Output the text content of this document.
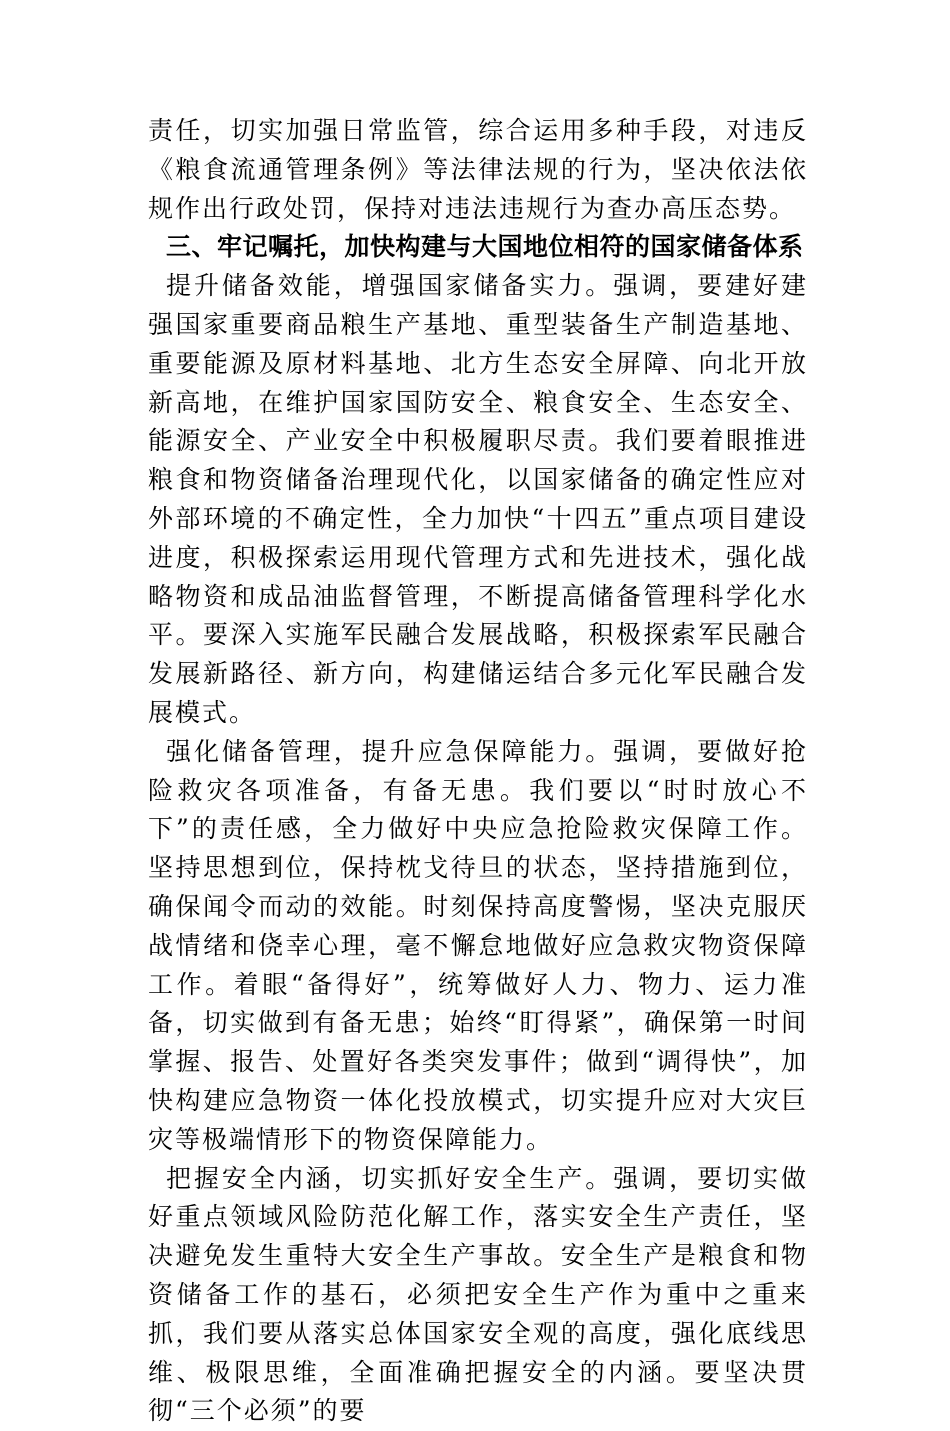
责任，切实加强日常监管，综合运用多种手段，对违反《粮食流通管理条例》等法律法规的行为，坚决依法依规作出行政处罚，保持对违法违规行为查办高压态势。

三、牢记嘱托，加快构建与大国地位相符的国家储备体系

提升储备效能，增强国家储备实力。强调，要建好建强国家重要商品粮生产基地、重型装备生产制造基地、重要能源及原材料基地、北方生态安全屏障、向北开放新高地，在维护国家国防安全、粮食安全、生态安全、能源安全、产业安全中积极履职尽责。我们要着眼推进粮食和物资储备治理现代化，以国家储备的确定性应对外部环境的不确定性，全力加快“十四五”重点项目建设进度，积极探索运用现代管理方式和先进技术，强化战略物资和成品油监督管理，不断提高储备管理科学化水平。要深入实施军民融合发展战略，积极探索军民融合发展新路径、新方向，构建储运结合多元化军民融合发展模式。

强化储备管理，提升应急保障能力。强调，要做好抢险救灾各项准备，有备无患。我们要以“时时放心不下”的责任感，全力做好中央应急抢险救灾保障工作。坚持思想到位，保持枕戈待旦的状态，坚持措施到位，确保闻令而动的效能。时刻保持高度警惕，坚决克服厌战情绪和侥幸心理，毫不懈怠地做好应急救灾物资保障工作。着眼“备得好”，统筹做好人力、物力、运力准备，切实做到有备无患；始终“盯得紧”，确保第一时间掌握、报告、处置好各类突发事件；做到“调得快”，加快构建应急物资一体化投放模式，切实提升应对大灾巨灾等极端情形下的物资保障能力。

把握安全内涵，切实抓好安全生产。强调，要切实做好重点领域风险防范化解工作，落实安全生产责任，坚决避免发生重特大安全生产事故。安全生产是粮食和物资储备工作的基石，必须把安全生产作为重中之重来抓，我们要从落实总体国家安全观的高度，强化底线思维、极限思维，全面准确把握安全的内涵。要坚决贯彻“三个必须”的要
